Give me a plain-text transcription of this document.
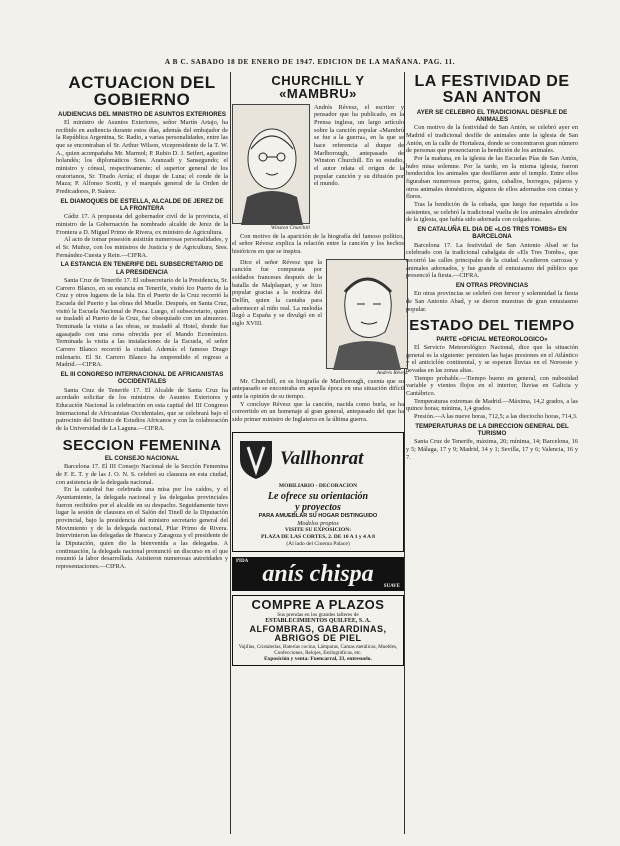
A B C. SABADO 18 DE ENERO DE 1947. EDICION DE LA MAÑANA. PAG. 11.
ACTUACION DEL GOBIERNO
AUDIENCIAS DEL MINISTRO DE ASUNTOS EXTERIORES
El ministro de Asuntos Exteriores, señor Martín Artajo, ha recibido en audiencia durante estos días, además del embajador de la República Argentina, Sr. Radio, a varias personalidades, entre las que se encontraban el Sr. Arthur Wilson, vicepresidente de la T. W. A., quien acompañaba Mr. Marmol; P. Rubio D. J. Seifert, agustino holandés; los diplomáticos Sres. Aranzadi y Sansegundo; el ministro y cónsul, respectivamente; el superior general de los oratorianos, Sr. Tirado Arrúa; el duque de Luna; el conde de la Maza; P. Alfonso Scotti, y el marqués general de la Orden de Predicadores, P. Suárez.
EL DIAMOQUES DE ESTELLA, ALCALDE DE JEREZ DE LA FRONTERA
Cádiz 17. A propuesta del gobernador civil de la provincia, el ministro de la Gobernación ha nombrado alcalde de Jerez de la Frontera a D. Miguel Primo de Rivera, ex ministro de Agricultura.
Al acto de tomar posesión asistirán numerosas personalidades, y el Sr. Muñoz, con los ministros de Justicia y de Agricultura, Sres. Fernández-Cuesta y Rein.—CIFRA.
LA ESTANCIA EN TENERIFE DEL SUBSECRETARIO DE LA PRESIDENCIA
Santa Cruz de Tenerife 17. El subsecretario de la Presidencia, Sr. Carrero Blanco, en su estancia en Tenerife, visitó Ico Puerto de la Cruz y otros lugares de la isla. En el Puerto de la Cruz recorrió la Escuela del Puerto y las obras del Muelle. Después, en Santa Cruz, visitó la Escuela Nacional de Pesca. Luego, el subsecretario, quien se trasladó al Puerto de la Cruz, fue obsequiado con un almuerzo. Terminada la visita a las obras, se trasladó al Hotel, donde fue agasajado con una cena ofrecida por el Mando Económico. Terminada la visita a las instalaciones de la Escuela, el señor Carrero Blanco recorrió la ciudad. Además el famoso Drago milenario. El Sr. Carrero Blanco ha emprendido el regreso a Madrid.—CIFRA.
EL III CONGRESO INTERNACIONAL DE AFRICANISTAS OCCIDENTALES
Santa Cruz de Tenerife 17. El Alcalde de Santa Cruz ha acordado solicitar de los ministros de Asuntos Exteriores y Educación Nacional la celebración en esta capital del III Congreso Internacional de Africanistas Occidentales, que se celebrará bajo el patrocinio del Instituto de Estudios Africanos y con la colaboración de la Universidad de La Laguna.—CIFRA.
SECCION FEMENINA
EL CONSEJO NACIONAL
Barcelona 17. El III Consejo Nacional de la Sección Femenina de F. E. T. y de las J. O. N. S. celebró su clausura en esta ciudad, con asistencia de la delegada nacional.
En la catedral fue celebrada una misa por los caídos, y el Ayuntamiento, la delegada nacional y las delegadas provinciales fueron recibidos por el alcalde en su despacho. Seguidamente tuvo lugar la sesión de clausura en el Salón del Tinell de la Diputación provincial, bajo la presidencia del ministro secretario general del Movimiento y de la delegada nacional, Pilar Primo de Rivera. Intervinieron las delegadas de Huesca y Zaragoza y el presidente de la Diputación, quien dio la bienvenida a las delegadas. A continuación, la delegada nacional pronunció un discurso en el que resumió la labor desarrollada. Asistieron numerosas autoridades y representaciones.—CIFRA.
CHURCHILL Y «MAMBRU»
Winston Churchill
Andrés Révesz, el escritor y pensador que ha publicado, en la Prensa inglesa, un largo artículo sobre la canción popular «Mambrú se fue a la guerra», en la que se hace referencia al duque de Marlborough, antepasado de Winston Churchill. En su estudio, el autor relata el origen de la popular canción y su difusión por el mundo.
Con motivo de la aparición de la biografía del famoso político, el señor Révesz explica la relación entre la canción y los hechos históricos en que se inspira.
Dice el señor Révesz que la canción fue compuesta por soldados franceses después de la batalla de Malplaquet, y se hizo popular gracias a la nodriza del Delfín, quien la cantaba para adormecer al niño real. La melodía llegó a España y se divulgó en el siglo XVIII.
Andrés Révesz
Mr. Churchill, en su biografía de Marlborough, cuenta que su antepasado se encontraba en aquella época en una situación difícil ante la opinión de su tiempo.
Y concluye Révesz que la canción, nacida como burla, se ha convertido en un homenaje al gran general, antepasado del que ha sido primer ministro de Inglaterra en la última guerra.
Vallhonrat
MOBILIARIO - DECORACION
Le ofrece su orientación
y proyectos
PARA AMUEBLAR SU HOGAR DISTINGUIDO
Modelos propios
VISITE SU EXPOSICION:
PLAZA DE LAS CORTES, 2. DE 10 A 1 y 4 A 8
(Al lado del Cinema Palace)
PIDA anís chispa SUAVE
COMPRE A PLAZOS
Sus prendas en los grandes talleres de
ESTABLECIMIENTOS QUILFEE, S. A.
ALFOMBRAS, GABARDINAS, ABRIGOS DE PIEL
Vajillas, Cristalerías, Baterías cocina, Lámparas, Camas metálicas, Muebles, Confecciones, Relojes, Estilográficas, etc.
Exposición y venta: Fuencarral, 33, entresuelo.
LA FESTIVIDAD DE SAN ANTON
AYER SE CELEBRO EL TRADICIONAL DESFILE DE ANIMALES
Con motivo de la festividad de San Antón, se celebró ayer en Madrid el tradicional desfile de animales ante la iglesia de San Antón, en la calle de Hortaleza, donde se concentraron gran número de personas que presenciaron la bendición de los animales.
Por la mañana, en la iglesia de las Escuelas Pías de San Antón, hubo misa solemne. Por la tarde, en la misma iglesia, fueron bendecidos los animales que desfilaron ante el templo. Entre ellos figuraban numerosos perros, gatos, caballos, borregos, pájaros y otros animales domésticos, algunos de ellos adornados con cintas y flores.
Tras la bendición de la cebada, que luego fue repartida a los asistentes, se celebró la tradicional vuelta de los animales alrededor de la iglesia, que había sido adornada con colgaduras.
EN CATALUÑA EL DIA DE «LOS TRES TOMBS» EN BARCELONA
Barcelona 17. La festividad de San Antonio Abad se ha celebrado con la tradicional cabalgata de «Els Tres Tombs», que recorrió las calles principales de la ciudad. Acudieron carrozas y animales adornados, y fue grande el entusiasmo del público que presenció la fiesta.—CIFRA.
EN OTRAS PROVINCIAS
En otras provincias se celebró con fervor y solemnidad la fiesta de San Antonio Abad, y se dieron muestras de gran entusiasmo popular.
ESTADO DEL TIEMPO
PARTE «OFICIAL METEOROLOGICO»
El Servicio Meteorológico Nacional, dice que la situación general es la siguiente: persisten las bajas presiones en el Atlántico y el anticiclón continental, y se esperan lluvias en el Noroeste y nevadas en las zonas altas.
Tiempo probable.—Tiempo bueno en general, con nubosidad variable y vientos flojos en el interior; lluvias en Galicia y Cantábrico.
Temperaturas extremas de Madrid.—Máxima, 14,2 grados, a las quince horas; mínima, 1,4 grados.
Presión.—A las nueve horas, 712,5; a las dieciocho horas, 714,3.
TEMPERATURAS DE LA DIRECCION GENERAL DEL TURISMO
Santa Cruz de Tenerife, máxima, 20; mínima, 14; Barcelona, 16 y 5; Málaga, 17 y 9; Madrid, 14 y 1; Sevilla, 17 y 6; Valencia, 16 y 7.
